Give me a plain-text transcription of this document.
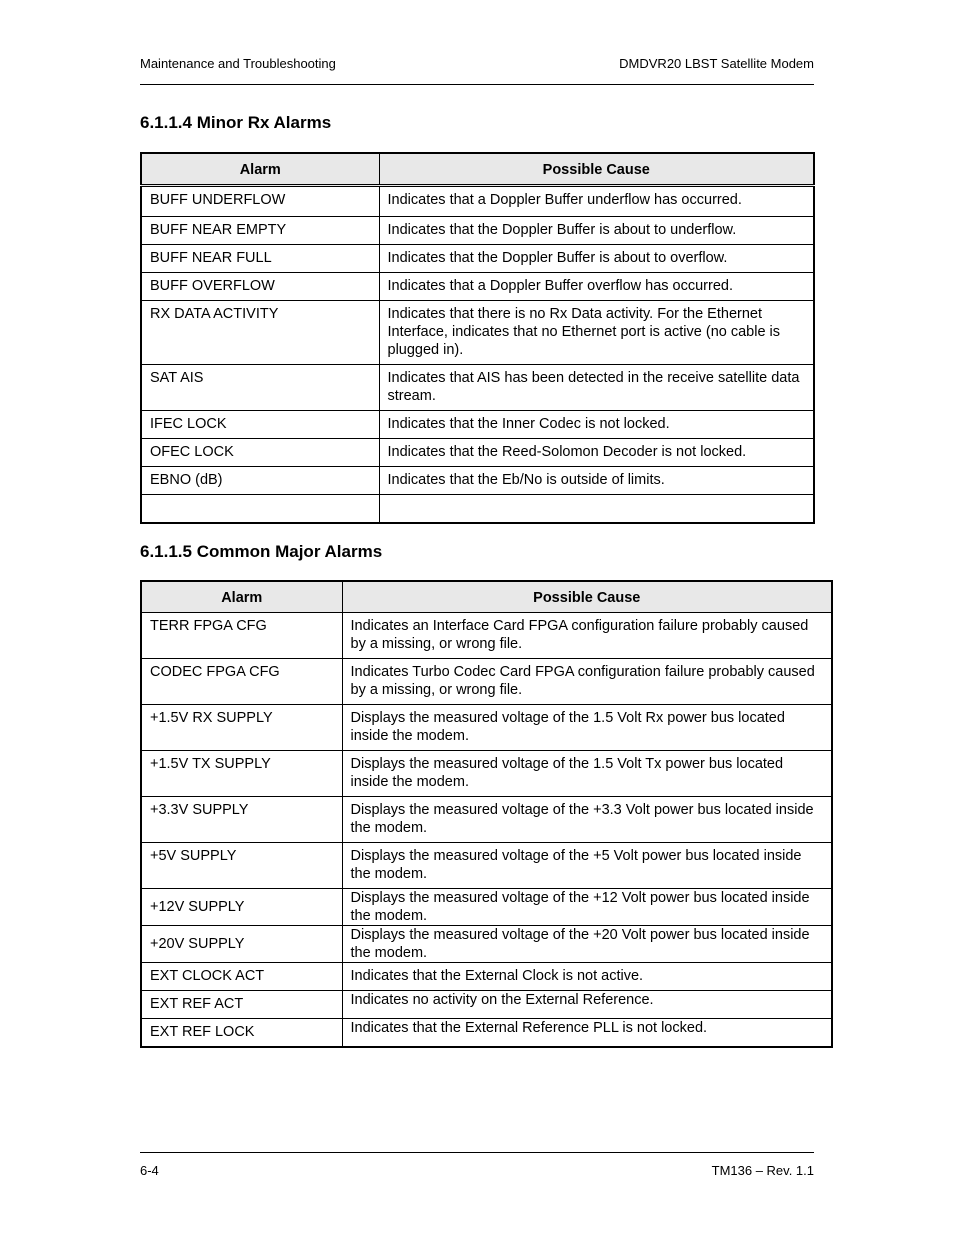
Maintenance and Troubleshooting	DMDVR20 LBST Satellite Modem
6.1.1.4 Minor Rx Alarms
Alarm	Possible Cause
BUFF UNDERFLOW	Indicates that a Doppler Buffer underflow has occurred.
BUFF NEAR EMPTY	Indicates that the Doppler Buffer is about to underflow.
BUFF NEAR FULL	Indicates that the Doppler Buffer is about to overflow.
BUFF OVERFLOW	Indicates that a Doppler Buffer overflow has occurred.
RX DATA ACTIVITY	Indicates that there is no Rx Data activity. For the Ethernet Interface, indicates that no Ethernet port is active (no cable is plugged in).
SAT AIS	Indicates that AIS has been detected in the receive satellite data stream.
IFEC LOCK	Indicates that the Inner Codec is not locked.
OFEC LOCK	Indicates that the Reed-Solomon Decoder is not locked.
EBNO (dB)	Indicates that the Eb/No is outside of limits.

6.1.1.5 Common Major Alarms
Alarm	Possible Cause
TERR FPGA CFG	Indicates an Interface Card FPGA configuration failure probably caused by a missing, or wrong file.
CODEC FPGA CFG	Indicates Turbo Codec Card FPGA configuration failure probably caused by a missing, or wrong file.
+1.5V RX SUPPLY	Displays the measured voltage of the 1.5 Volt Rx power bus located inside the modem.
+1.5V TX SUPPLY	Displays the measured voltage of the 1.5 Volt Tx power bus located inside the modem.
+3.3V SUPPLY	Displays the measured voltage of the +3.3 Volt power bus located inside the modem.
+5V SUPPLY	Displays the measured voltage of the +5 Volt power bus located inside the modem.
+12V SUPPLY	Displays the measured voltage of the +12 Volt power bus located inside the modem.
+20V SUPPLY	Displays the measured voltage of the +20 Volt power bus located inside the modem.
EXT CLOCK ACT	Indicates that the External Clock is not active.
EXT REF ACT	Indicates no activity on the External Reference.
EXT REF LOCK	Indicates that the External Reference PLL is not locked.
6-4	TM136 – Rev. 1.1
